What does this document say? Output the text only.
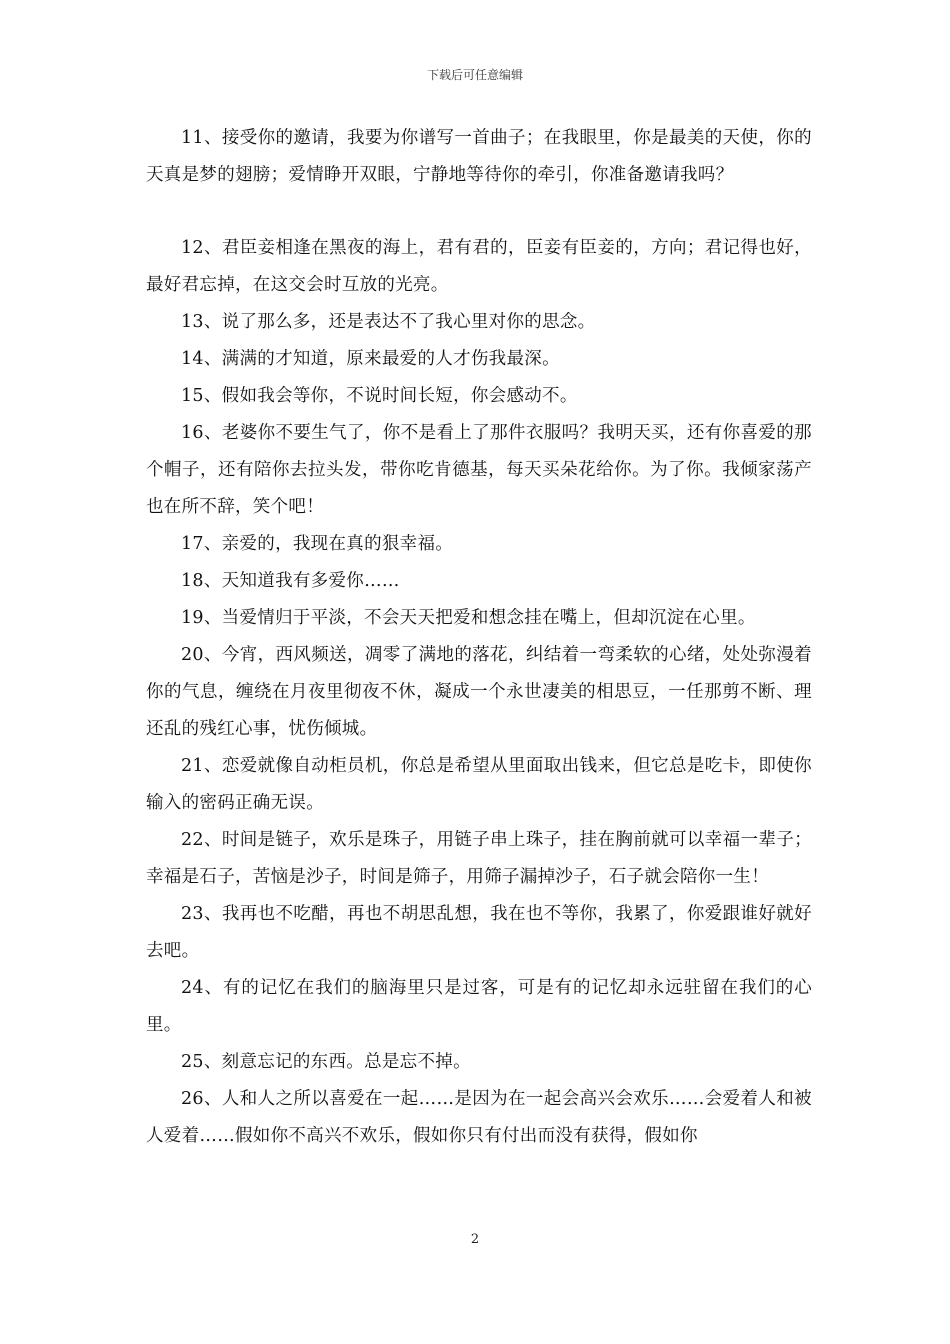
下载后可任意编辑

11、接受你的邀请，我要为你谱写一首曲子；在我眼里，你是最美的天使，你的天真是梦的翅膀；爱情睁开双眼，宁静地等待你的牵引，你准备邀请我吗？

12、君臣妾相逢在黑夜的海上，君有君的，臣妾有臣妾的，方向；君记得也好，最好君忘掉，在这交会时互放的光亮。

13、说了那么多，还是表达不了我心里对你的思念。

14、满满的才知道，原来最爱的人才伤我最深。

15、假如我会等你，不说时间长短，你会感动不。

16、老婆你不要生气了，你不是看上了那件衣服吗？我明天买，还有你喜爱的那个帽子，还有陪你去拉头发，带你吃肯德基，每天买朵花给你。为了你。我倾家荡产也在所不辞，笑个吧！

17、亲爱的，我现在真的狠幸福。

18、天知道我有多爱你……

19、当爱情归于平淡，不会天天把爱和想念挂在嘴上，但却沉淀在心里。

20、今宵，西风频送，凋零了满地的落花，纠结着一弯柔软的心绪，处处弥漫着你的气息，缠绕在月夜里彻夜不休，凝成一个永世凄美的相思豆，一任那剪不断、理还乱的残红心事，忧伤倾城。

21、恋爱就像自动柜员机，你总是希望从里面取出钱来，但它总是吃卡，即使你输入的密码正确无误。

22、时间是链子，欢乐是珠子，用链子串上珠子，挂在胸前就可以幸福一辈子；幸福是石子，苦恼是沙子，时间是筛子，用筛子漏掉沙子，石子就会陪你一生！

23、我再也不吃醋，再也不胡思乱想，我在也不等你，我累了，你爱跟谁好就好去吧。

24、有的记忆在我们的脑海里只是过客，可是有的记忆却永远驻留在我们的心里。

25、刻意忘记的东西。总是忘不掉。

26、人和人之所以喜爱在一起……是因为在一起会高兴会欢乐……会爱着人和被人爱着……假如你不高兴不欢乐，假如你只有付出而没有获得，假如你

2
